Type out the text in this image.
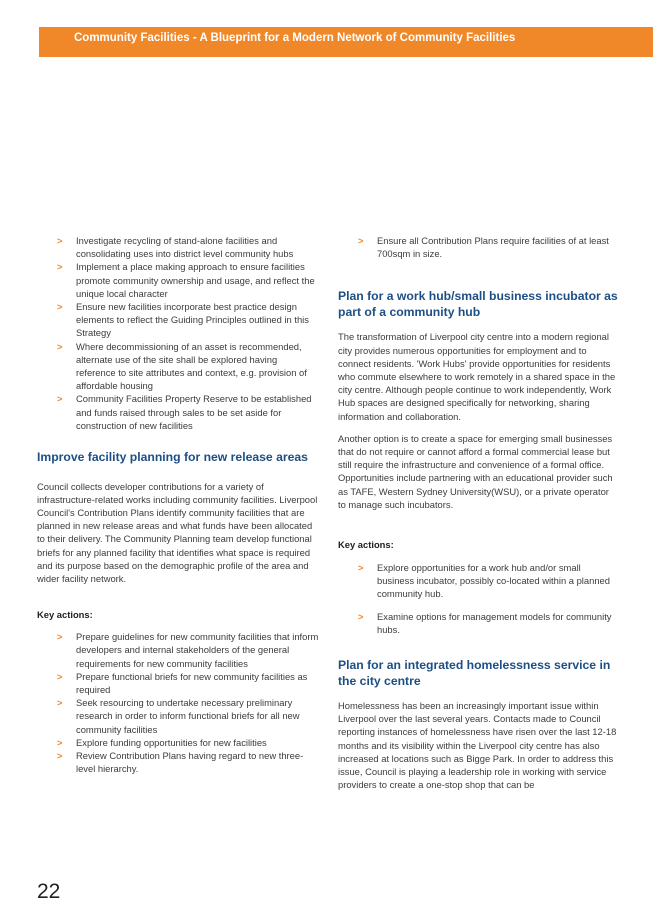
Community Facilities - A Blueprint for a Modern Network of Community Facilities
> Investigate recycling of stand-alone facilities and consolidating uses into district level community hubs
> Implement a place making approach to ensure facilities promote community ownership and usage, and reflect the unique local character
> Ensure new facilities incorporate best practice design elements to reflect the Guiding Principles outlined in this Strategy
> Where decommissioning of an asset is recommended, alternate use of the site shall be explored having reference to site attributes and context, e.g. provision of affordable housing
> Community Facilities Property Reserve to be established and funds raised through sales to be set aside for construction of new facilities
Improve facility planning for new release areas

Council collects developer contributions for a variety of infrastructure-related works including community facilities. Liverpool Council's Contribution Plans identify community facilities that are planned in new release areas and what funds have been allocated to their delivery. The Community Planning team develop functional briefs for any planned facility that identifies what space is required and its purpose based on the demographic profile of the area and wider facility network.

Key actions:

> Prepare guidelines for new community facilities that inform developers and internal stakeholders of the general requirements for new community facilities
> Prepare functional briefs for new community facilities as required
> Seek resourcing to undertake necessary preliminary research in order to inform functional briefs for all new community facilities
> Explore funding opportunities for new facilities
> Review Contribution Plans having regard to new three-level hierarchy.
> Ensure all Contribution Plans require facilities of at least 700sqm in size.
Plan for a work hub/small business incubator as part of a community hub

The transformation of Liverpool city centre into a modern regional city provides numerous opportunities for employment and to connect residents. 'Work Hubs' provide opportunities for residents who commute elsewhere to work remotely in a shared space in the city centre. Although people continue to work independently, Work Hub spaces are designed specifically for networking, sharing information and collaboration.

Another option is to create a space for emerging small businesses that do not require or cannot afford a formal commercial lease but still require the infrastructure and convenience of a formal office. Opportunities include partnering with an educational provider such as TAFE, Western Sydney University(WSU), or a private operator to manage such incubators.

Key actions:

> Explore opportunities for a work hub and/or small business incubator, possibly co-located within a planned community hub.
> Examine options for management models for community hubs.
Plan for an integrated homelessness service in the city centre

Homelessness has been an increasingly important issue within Liverpool over the last several years. Contacts made to Council reporting instances of homelessness have risen over the last 12-18 months and its visibility within the Liverpool city centre has also increased at locations such as Bigge Park. In order to address this issue, Council is playing a leadership role in working with service providers to create a one-stop shop that can be

22
